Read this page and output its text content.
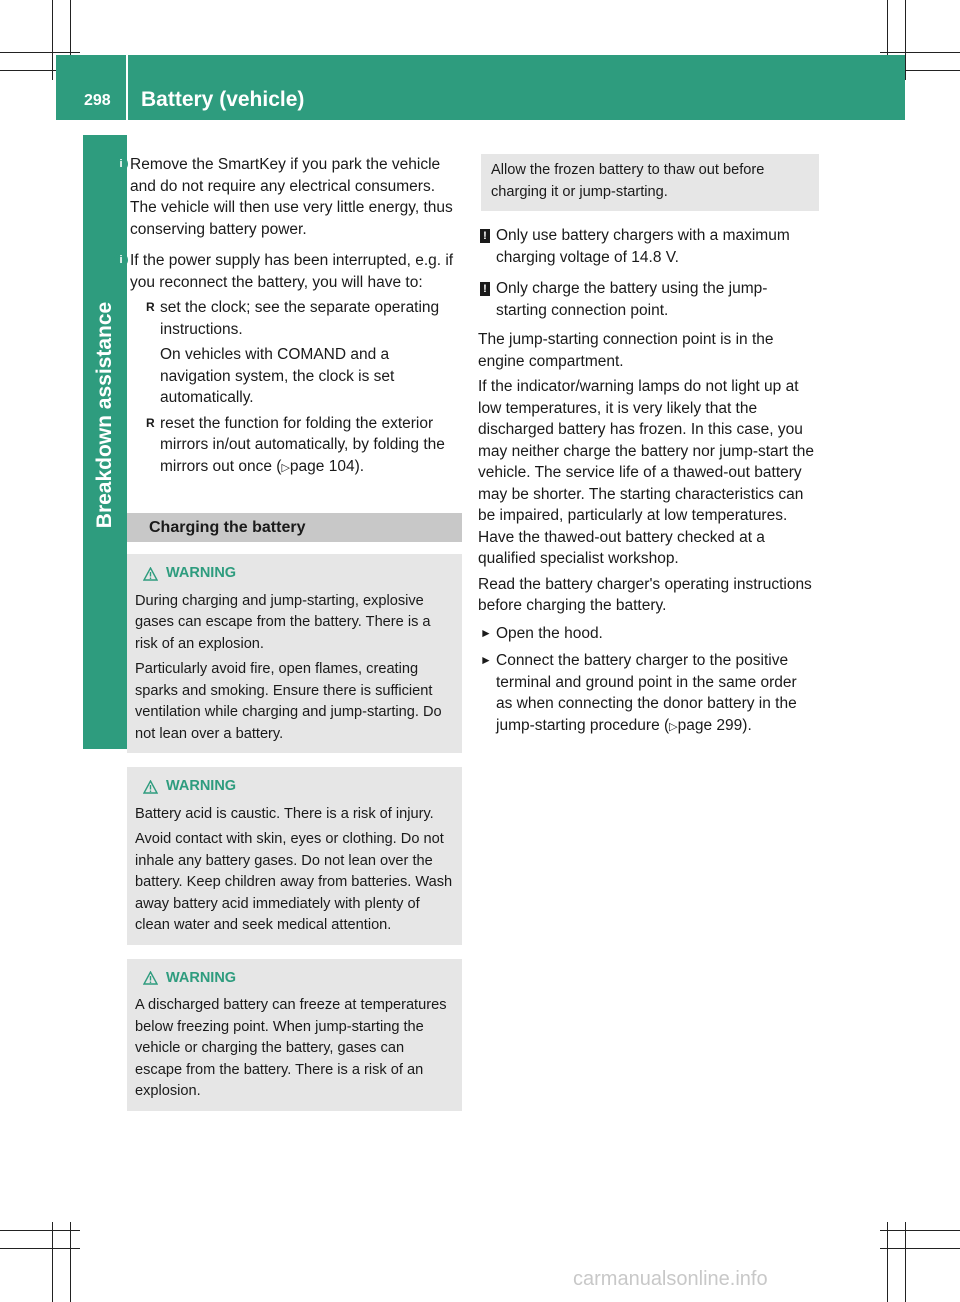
298 Battery (vehicle)
Breakdown assistance
i Remove the SmartKey if you park the vehicle and do not require any electrical consumers. The vehicle will then use very little energy, thus conserving battery power.

i If the power supply has been interrupted, e.g. if you reconnect the battery, you will have to:

R set the clock; see the separate operating instructions.

On vehicles with COMAND and a navigation system, the clock is set automatically.

R reset the function for folding the exterior mirrors in/out automatically, by folding the mirrors out once (▷page 104).

Charging the battery
WARNING

During charging and jump-starting, explosive gases can escape from the battery. There is a risk of an explosion.

Particularly avoid fire, open flames, creating sparks and smoking. Ensure there is sufficient ventilation while charging and jump-starting. Do not lean over a battery.

WARNING

Battery acid is caustic. There is a risk of injury.

Avoid contact with skin, eyes or clothing. Do not inhale any battery gases. Do not lean over the battery. Keep children away from batteries. Wash away battery acid immediately with plenty of clean water and seek medical attention.

WARNING

A discharged battery can freeze at temperatures below freezing point. When jump-starting the vehicle or charging the battery, gases can escape from the battery. There is a risk of an explosion.

Allow the frozen battery to thaw out before charging it or jump-starting.

! Only use battery chargers with a maximum charging voltage of 14.8 V.

! Only charge the battery using the jump-starting connection point.

The jump-starting connection point is in the engine compartment.

If the indicator/warning lamps do not light up at low temperatures, it is very likely that the discharged battery has frozen. In this case, you may neither charge the battery nor jump-start the vehicle. The service life of a thawed-out battery may be shorter. The starting characteristics can be impaired, particularly at low temperatures. Have the thawed-out battery checked at a qualified specialist workshop.

Read the battery charger's operating instructions before charging the battery.

► Open the hood.

► Connect the battery charger to the positive terminal and ground point in the same order as when connecting the donor battery in the jump-starting procedure (▷page 299).

carmanualsonline.info
